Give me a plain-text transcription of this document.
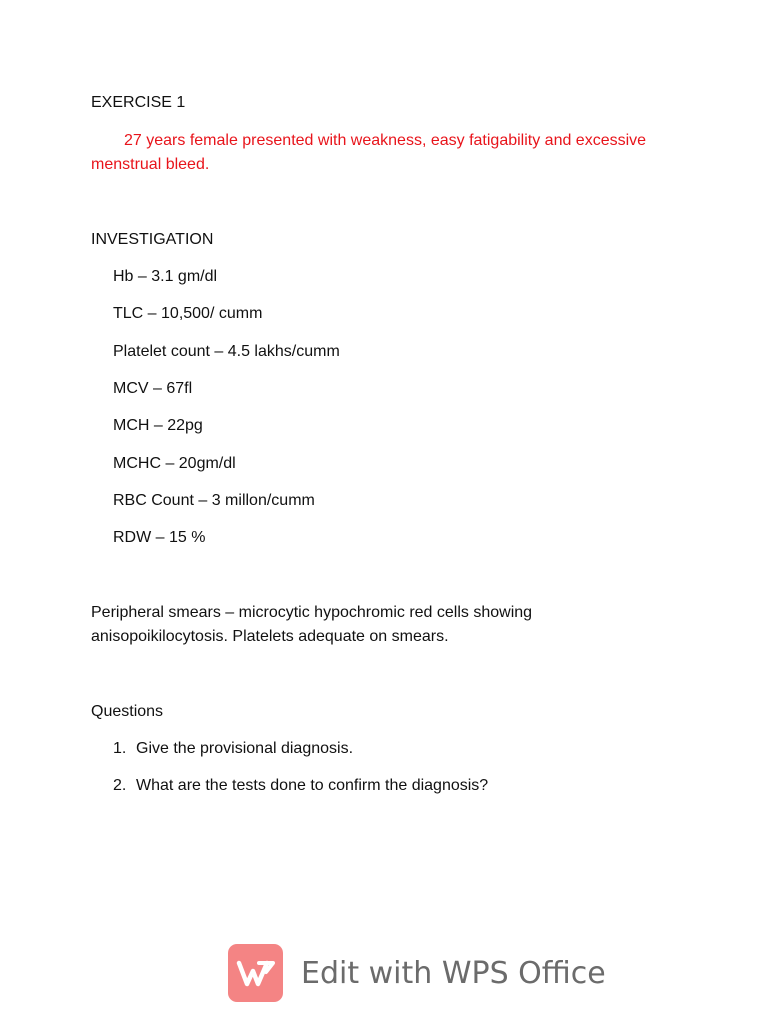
EXERCISE 1
27 years female presented with weakness, easy fatigability and excessive menstrual bleed.
INVESTIGATION
Hb – 3.1 gm/dl
TLC – 10,500/ cumm
Platelet count – 4.5 lakhs/cumm
MCV – 67fl
MCH – 22pg
MCHC – 20gm/dl
RBC Count – 3 millon/cumm
RDW – 15 %
Peripheral smears – microcytic hypochromic red cells showing anisopoikilocytosis. Platelets adequate on smears.
Questions
1. Give the provisional diagnosis.
2. What are the tests done to confirm the diagnosis?
Edit with WPS Office
